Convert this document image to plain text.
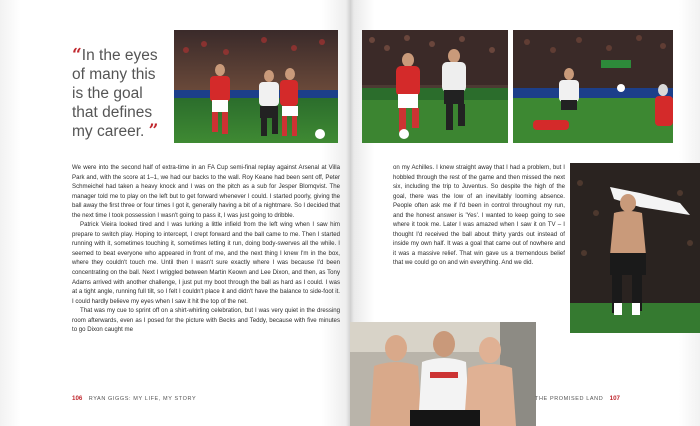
“In the eyes of many this is the goal that defines my career. ”

We were into the second half of extra-time in an FA Cup semi-final replay against Arsenal at Villa Park and, with the score at 1–1, we had our backs to the wall. Roy Keane had been sent off, Peter Schmeichel had taken a heavy knock and I was on the pitch as a sub for Jesper Blomqvist. The manager told me to play on the left but to get forward whenever I could. I started poorly, giving the ball away the first three or four times I got it, generally having a bit of a nightmare. So I decided that the next time I took possession I wasn't going to pass it, I was just going to dribble.

Patrick Vieira looked tired and I was lurking a little infield from the left wing when I saw him prepare to switch play. Hoping to intercept, I crept forward and the ball came to me. Then I started running with it, sometimes touching it, sometimes letting it run, doing body-swerves all the while. I seemed to beat everyone who appeared in front of me, and the next thing I knew I'm in the box, where they couldn't touch me. Until then I wasn't sure exactly where I was because I'd been concentrating on the ball. Next I wriggled between Martin Keown and Lee Dixon, and then, as Tony Adams arrived with another challenge, I just put my boot through the ball as hard as I could. I was at a tight angle, running full tilt, so I felt I couldn't place it and didn't have the balance to side-foot it. I could hardly believe my eyes when I saw it hit the top of the net.

That was my cue to sprint off on a shirt-whirling celebration, but I was very quiet in the dressing room afterwards, even as I posed for the picture with Becks and Teddy, because with five minutes to go Dixon caught me

on my Achilles. I knew straight away that I had a problem, but I hobbled through the rest of the game and then missed the next six, including the trip to Juventus. So despite the high of the goal, there was the low of an inevitably looming absence. People often ask me if I'd been in control throughout my run, and the honest answer is 'Yes'. I wanted to keep going to see where it took me. Later I was amazed when I saw it on TV – I thought I'd received the ball about thirty yards out instead of inside my own half. It was a goal that came out of nowhere and it was a massive relief. That win gave us a tremendous belief that we could go on and win everything. And we did.

106 RYAN GIGGS: MY LIFE, MY STORY	THE PROMISED LAND 107
